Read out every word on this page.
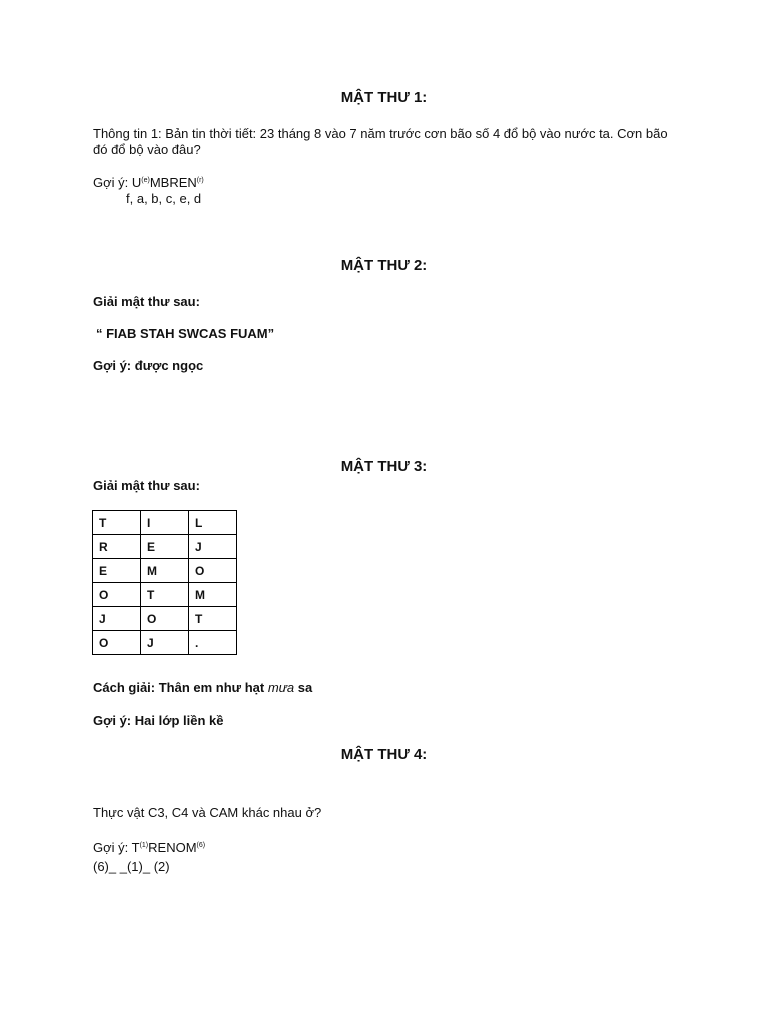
MẬT THƯ 1:
Thông tin 1: Bản tin thời tiết: 23 tháng 8 vào 7 năm trước cơn bão số 4 đổ bộ vào nước ta. Cơn bão
đó đổ bộ vào đâu?
Gợi ý: $U^{(e)}MBREN^{(r)}$
f, a, b, c, e, d
MẬT THƯ 2:
Giải mật thư sau:
“ FIAB STAH SWCAS FUAM”
Gợi ý: được ngọc
MẬT THƯ 3:
Giải mật thư sau:
T	I	L
R	E	J
E	M	O
O	T	M
J	O	T
O	J	.
Cách giải: Thân em như hạt mưa sa
Gợi ý: Hai lớp liền kề
MẬT THƯ 4:
Thực vật C3, C4 và CAM khác nhau ở?
Gợi ý: $T^{(1)}RENOM^{(6)}$
(6)_ _(1)_ (2)
